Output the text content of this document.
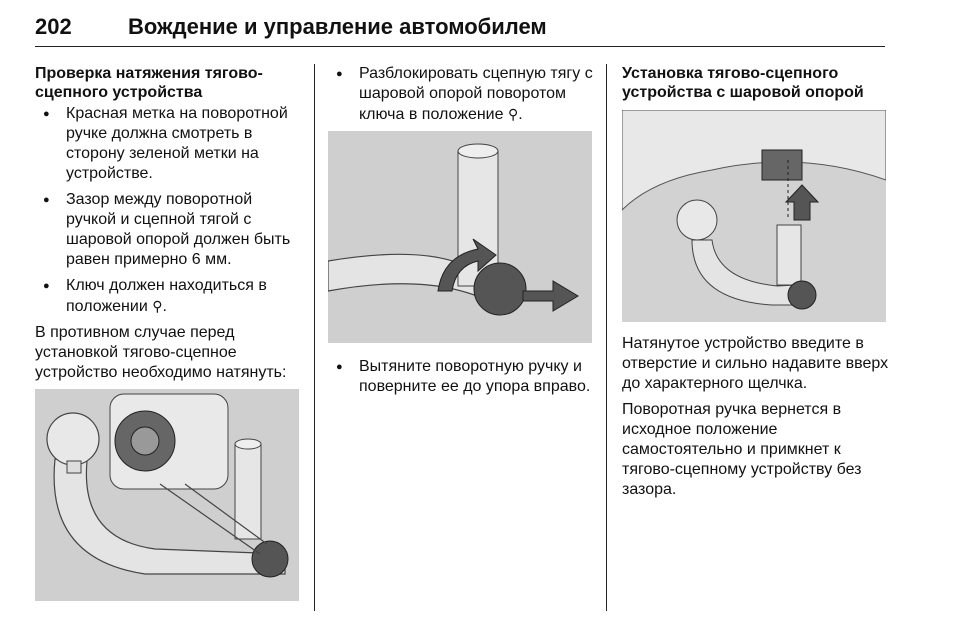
202	Вождение и управление автомобилем
Проверка натяжения тягово-сцепного устройства
● Красная метка на поворотной ручке должна смотреть в сторону зеленой метки на устройстве.
● Зазор между поворотной ручкой и сцепной тягой с шаровой опорой должен быть равен примерно 6 мм.
● Ключ должен находиться в положении ⚲.

В противном случае перед установкой тягово-сцепное устройство необходимо натянуть:

● Разблокировать сцепную тягу с шаровой опорой поворотом ключа в положение ⚲.
● Вытяните поворотную ручку и поверните ее до упора вправо.
Установка тягово-сцепного устройства с шаровой опорой

Натянутое устройство введите в отверстие и сильно надавите вверх до характерного щелчка.

Поворотная ручка вернется в исходное положение самостоятельно и примкнет к тягово-сцепному устройству без зазора.
